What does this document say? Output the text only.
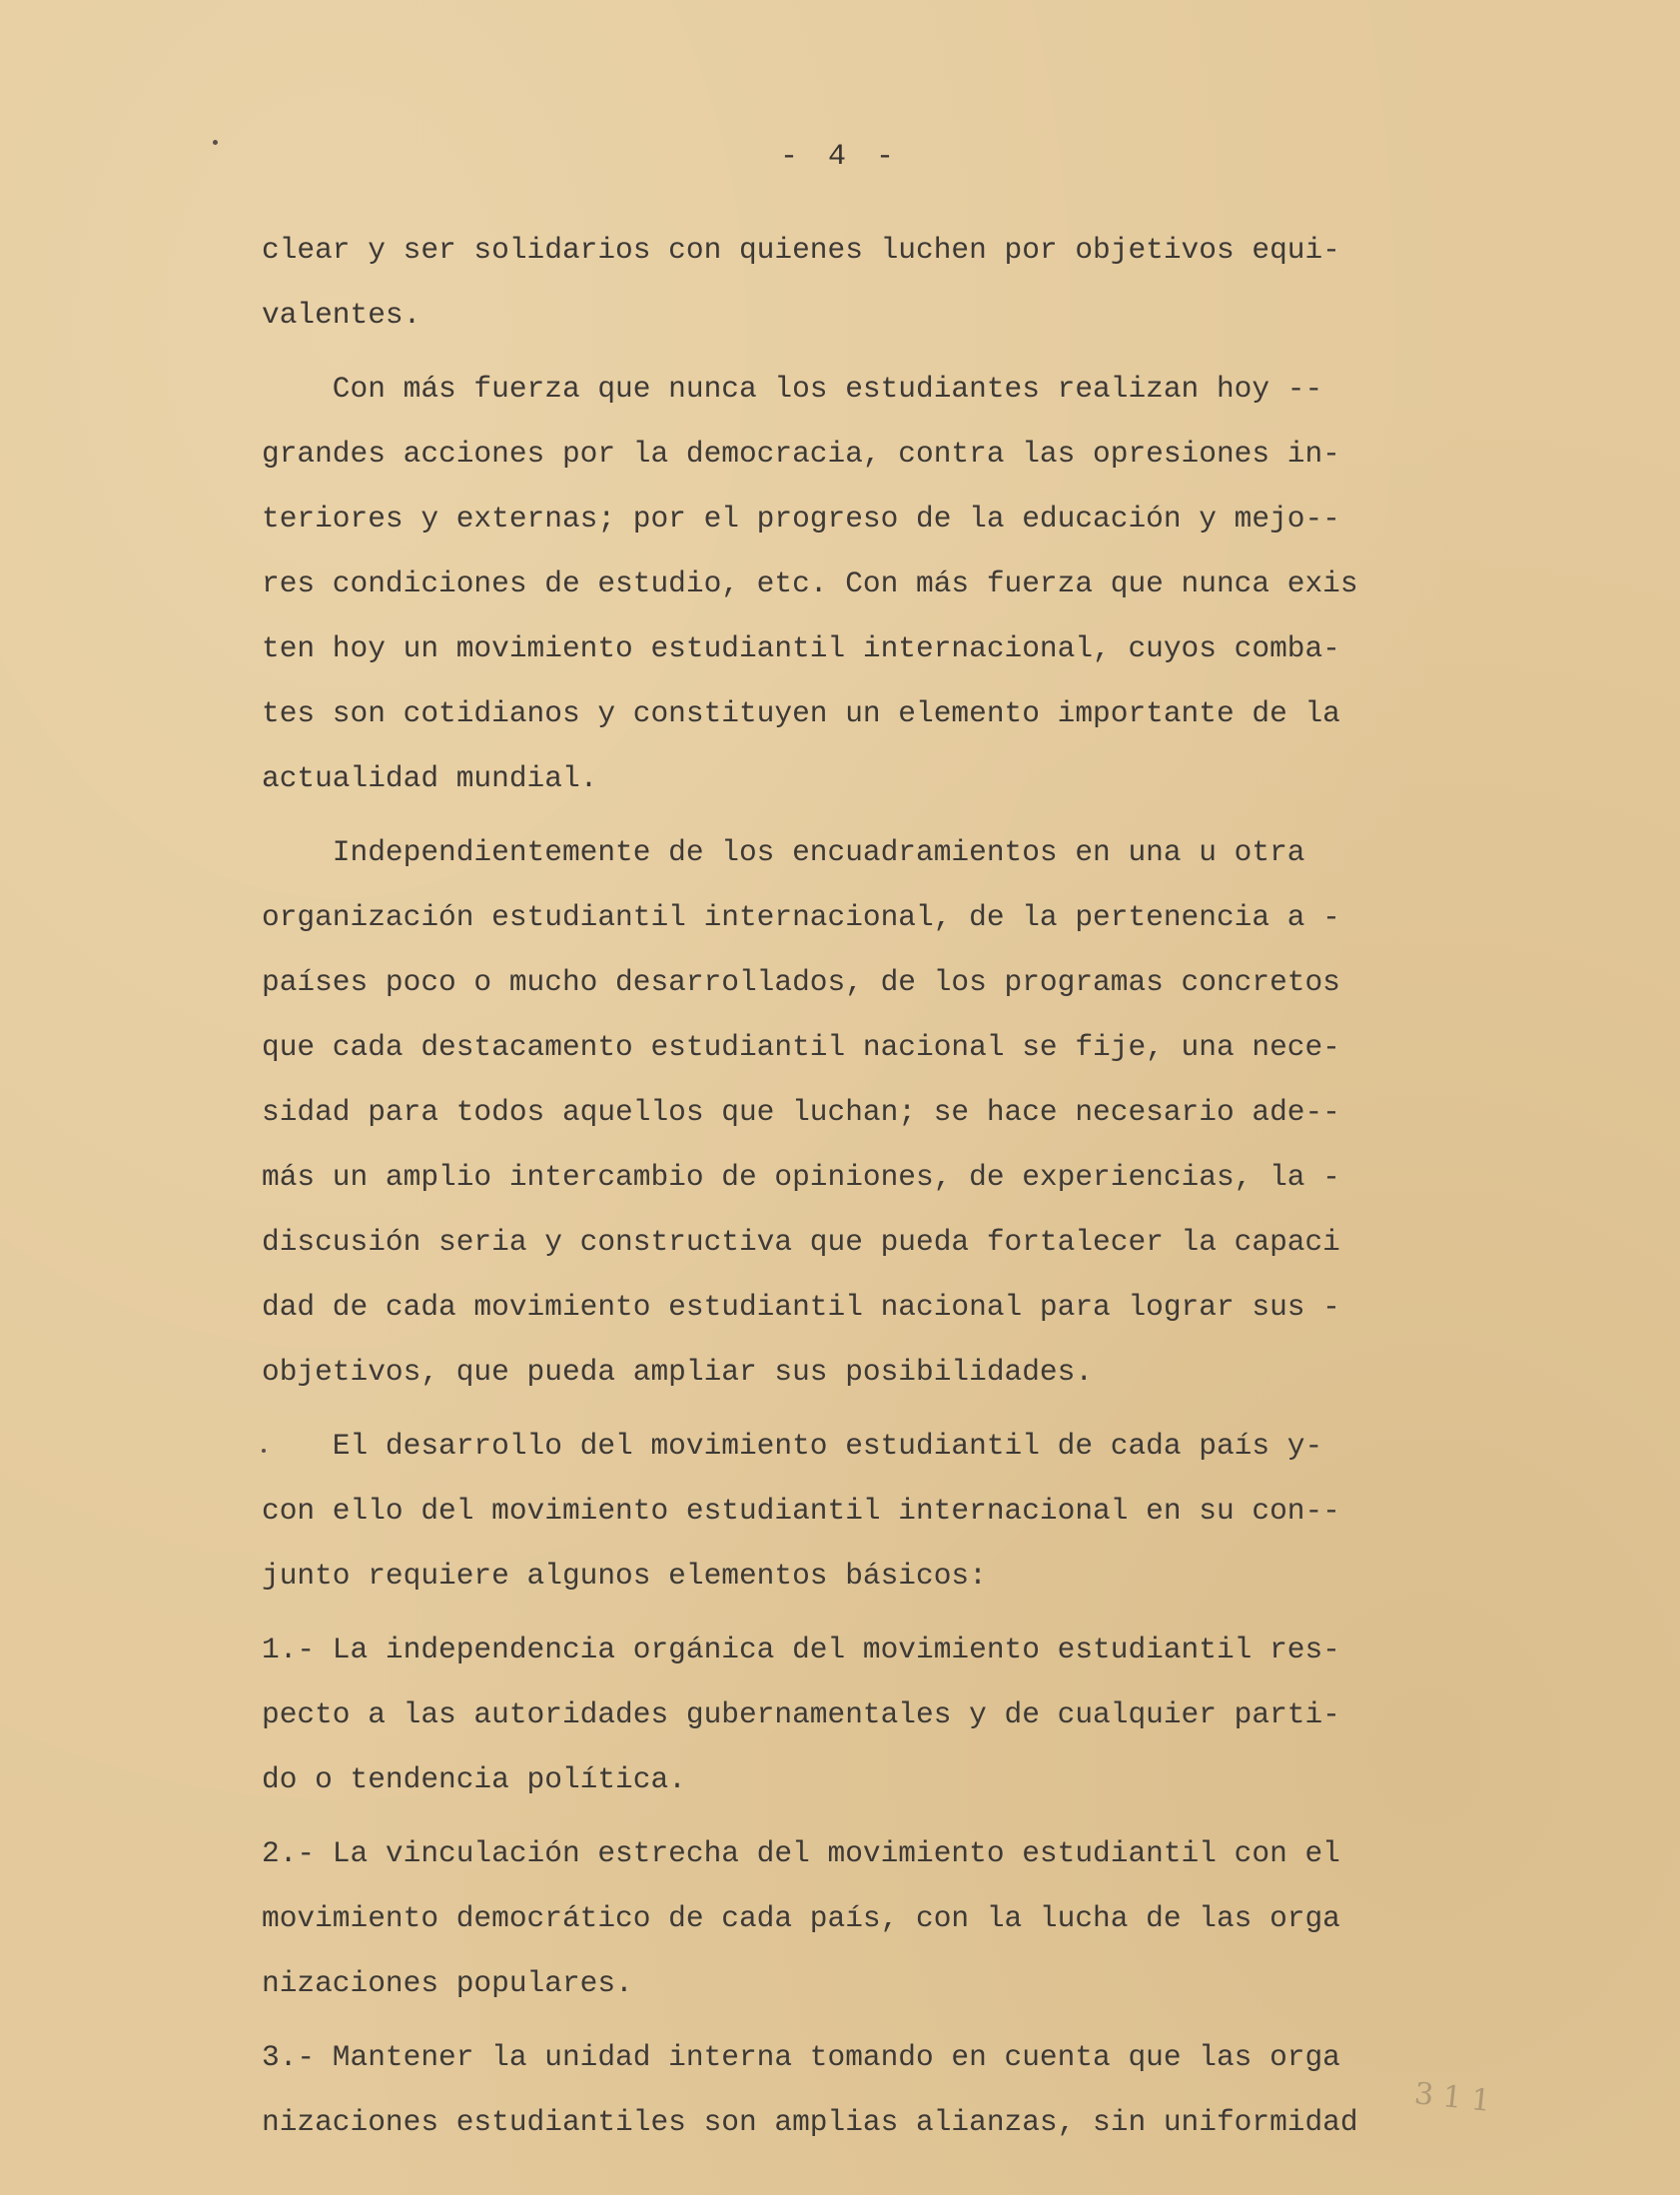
- 4 -
clear y ser solidarios con quienes luchen por objetivos equi-
valentes.
Con más fuerza que nunca los estudiantes realizan hoy --
grandes acciones por la democracia, contra las opresiones in-
teriores y externas; por el progreso de la educación y mejo--
res condiciones de estudio, etc. Con más fuerza que nunca exis
ten hoy un movimiento estudiantil internacional, cuyos comba-
tes son cotidianos y constituyen un elemento importante de la
actualidad mundial.
Independientemente de los encuadramientos en una u otra
organización estudiantil internacional, de la pertenencia a -
países poco o mucho desarrollados, de los programas concretos
que cada destacamento estudiantil nacional se fije, una nece-
sidad para todos aquellos que luchan; se hace necesario ade--
más un amplio intercambio de opiniones, de experiencias, la -
discusión seria y constructiva que pueda fortalecer la capaci
dad de cada movimiento estudiantil nacional para lograr sus -
objetivos, que pueda ampliar sus posibilidades.
El desarrollo del movimiento estudiantil de cada país y-
con ello del movimiento estudiantil internacional en su con--
junto requiere algunos elementos básicos:
1.- La independencia orgánica del movimiento estudiantil res-
pecto a las autoridades gubernamentales y de cualquier parti-
do o tendencia política.
2.- La vinculación estrecha del movimiento estudiantil con el
movimiento democrático de cada país, con la lucha de las orga
nizaciones populares.
3.- Mantener la unidad interna tomando en cuenta que las orga
nizaciones estudiantiles son amplias alianzas, sin uniformidad
3 1 1
